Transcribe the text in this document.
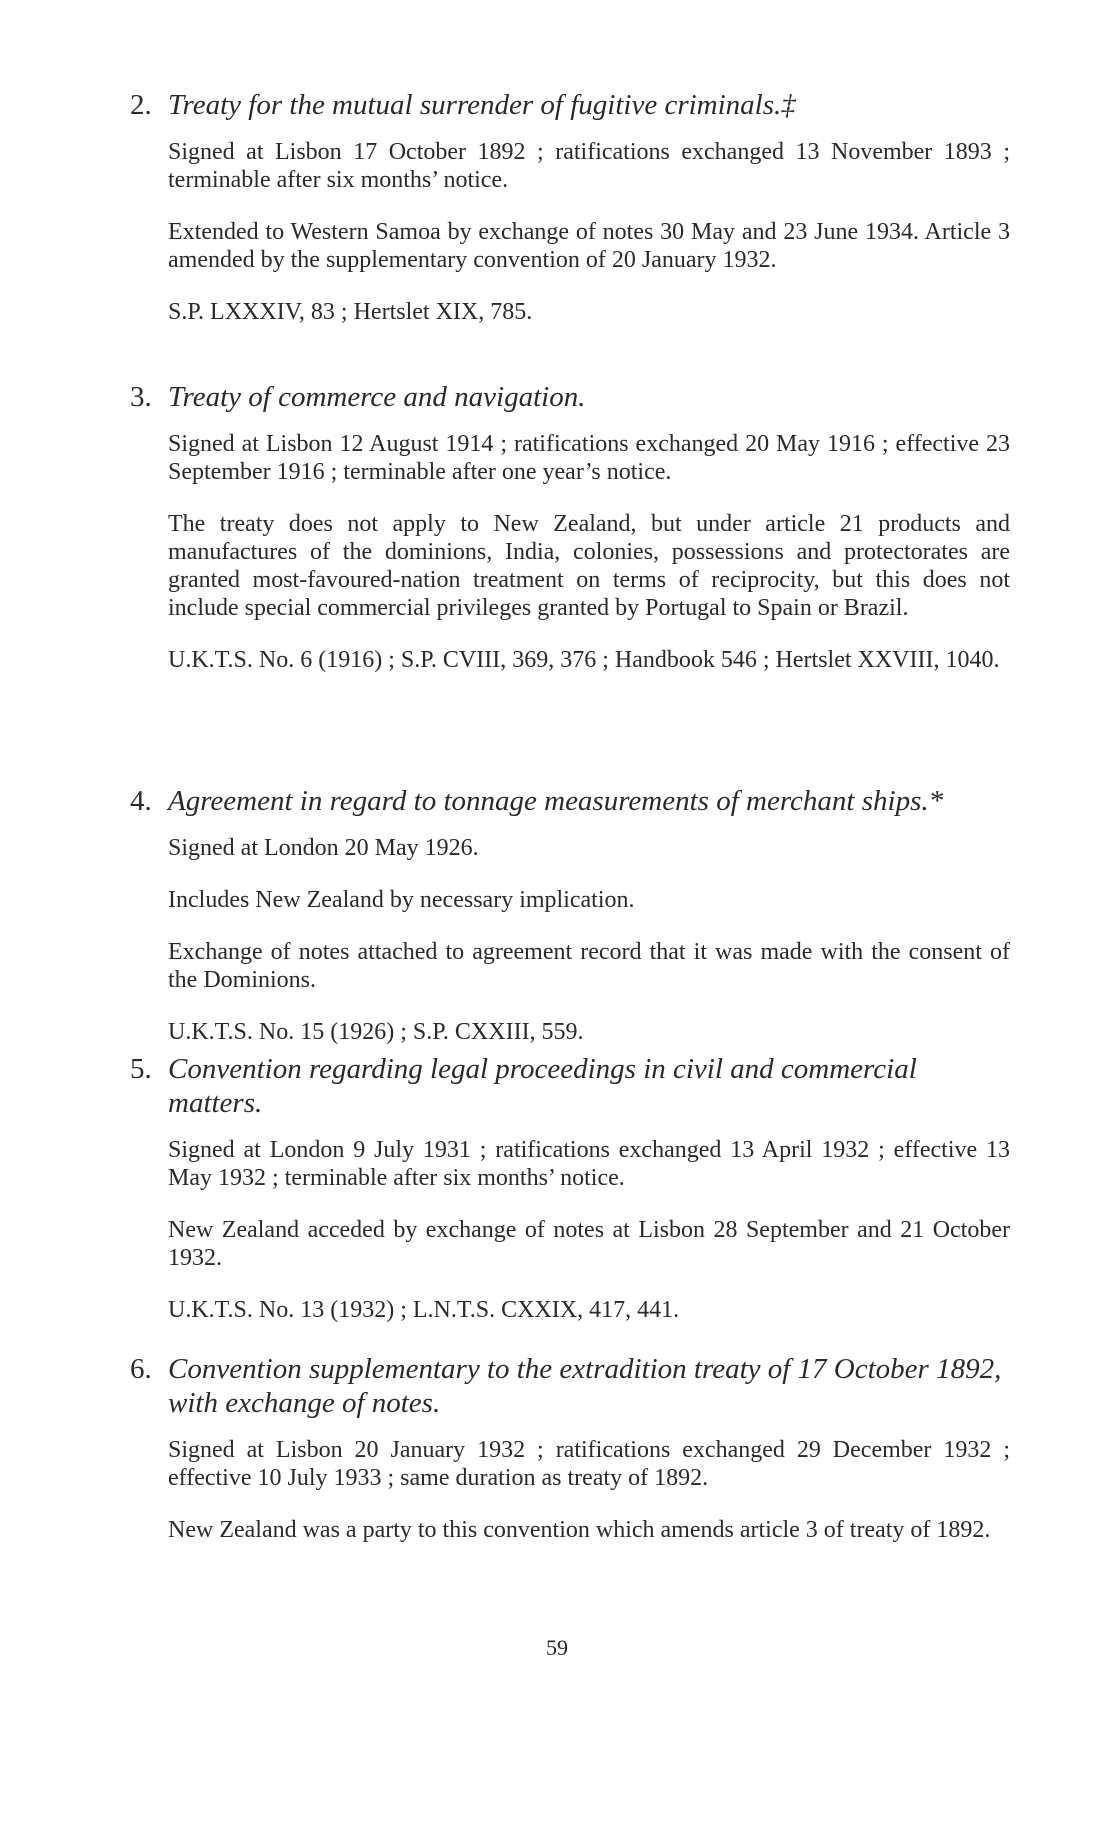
2. Treaty for the mutual surrender of fugitive criminals.‡

Signed at Lisbon 17 October 1892 ; ratifications exchanged 13 November 1893 ; terminable after six months’ notice.

Extended to Western Samoa by exchange of notes 30 May and 23 June 1934. Article 3 amended by the supplementary convention of 20 January 1932.

S.P. LXXXIV, 83 ; Hertslet XIX, 785.

3. Treaty of commerce and navigation.

Signed at Lisbon 12 August 1914 ; ratifications exchanged 20 May 1916 ; effective 23 September 1916 ; terminable after one year’s notice.

The treaty does not apply to New Zealand, but under article 21 products and manufactures of the dominions, India, colonies, possessions and protectorates are granted most-favoured-nation treatment on terms of reciprocity, but this does not include special commercial privileges granted by Portugal to Spain or Brazil.

U.K.T.S. No. 6 (1916) ; S.P. CVIII, 369, 376 ; Handbook 546 ; Hertslet XXVIII, 1040.

4. Agreement in regard to tonnage measurements of merchant ships.*

Signed at London 20 May 1926.

Includes New Zealand by necessary implication.

Exchange of notes attached to agreement record that it was made with the consent of the Dominions.

U.K.T.S. No. 15 (1926) ; S.P. CXXIII, 559.

5. Convention regarding legal proceedings in civil and commercial matters.

Signed at London 9 July 1931 ; ratifications exchanged 13 April 1932 ; effective 13 May 1932 ; terminable after six months’ notice.

New Zealand acceded by exchange of notes at Lisbon 28 September and 21 October 1932.

U.K.T.S. No. 13 (1932) ; L.N.T.S. CXXIX, 417, 441.

6. Convention supplementary to the extradition treaty of 17 October 1892, with exchange of notes.

Signed at Lisbon 20 January 1932 ; ratifications exchanged 29 December 1932 ; effective 10 July 1933 ; same duration as treaty of 1892.

New Zealand was a party to this convention which amends article 3 of treaty of 1892.

59
